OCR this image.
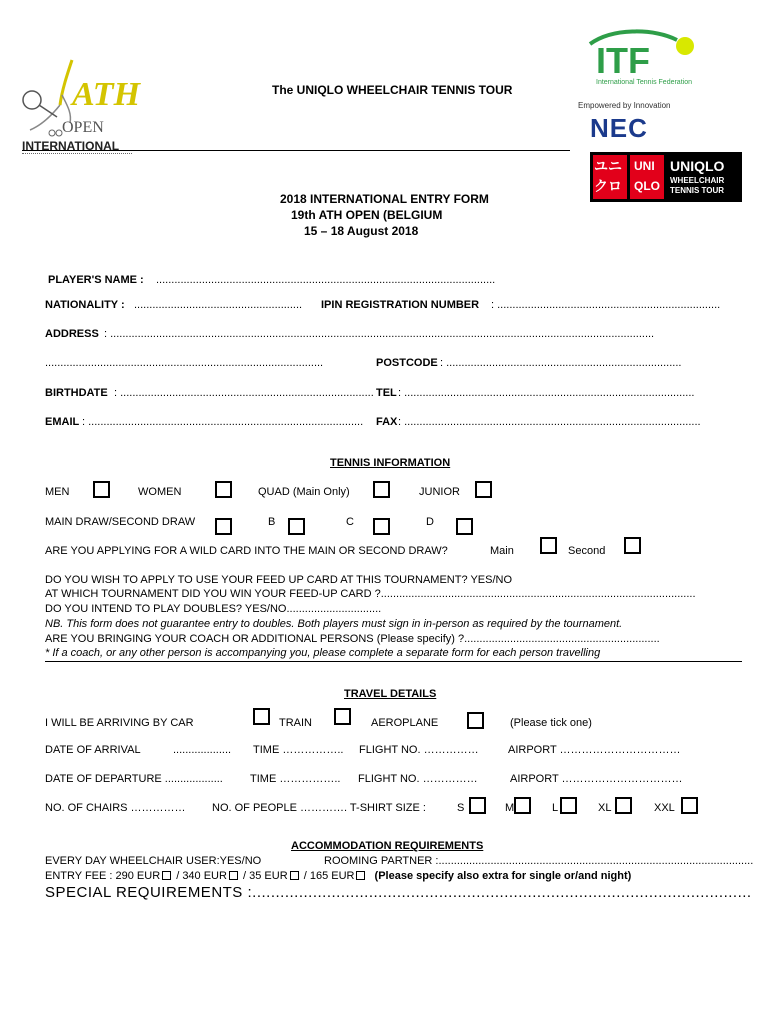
ATH
OPEN
INTERNATIONAL
ITF
International Tennis Federation
Empowered by Innovation
NEC
ユニ
クロ
UNI
QLO
UNIQLO
WHEELCHAIR
TENNIS TOUR
The UNIQLO WHEELCHAIR TENNIS TOUR
2018 INTERNATIONAL ENTRY FORM
19th ATH OPEN (BELGIUM
15 – 18 August 2018
PLAYER'S NAME : ...............................................................................................................
NATIONALITY : ....................................................... IPIN REGISTRATION NUMBER : .........................................................................
ADDRESS : ..................................................................................................................................................................................
...........................................................................................	POSTCODE : .............................................................................
BIRTHDATE : ................................................................................... TEL : ...............................................................................................
EMAIL : .......................................................................................... FAX : .................................................................................................
TENNIS INFORMATION
MEN	WOMEN	QUAD (Main Only)	JUNIOR
MAIN DRAW/SECOND DRAW	B	C	D
ARE YOU APPLYING FOR A WILD CARD INTO THE MAIN OR SECOND DRAW?	Main	Second
DO YOU WISH TO APPLY TO USE YOUR FEED UP CARD AT THIS TOURNAMENT? YES/NO
AT WHICH TOURNAMENT DID YOU WIN YOUR FEED-UP CARD ?.......................................................................................................
DO YOU INTEND TO PLAY DOUBLES? YES/NO...............................
NB. This form does not guarantee entry to doubles. Both players must sign in in-person as required by the tournament.
ARE YOU BRINGING YOUR COACH OR ADDITIONAL PERSONS (Please specify) ?................................................................
* If a coach, or any other person is accompanying you, please complete a separate form for each person travelling
TRAVEL DETAILS
I WILL BE ARRIVING BY CAR	TRAIN	AEROPLANE	(Please tick one)
DATE OF ARRIVAL	................... TIME …………….. FLIGHT NO. ……………	AIRPORT ……………………………
DATE OF DEPARTURE ................... TIME …………….. FLIGHT NO. ……………	AIRPORT ……………………………
NO. OF CHAIRS …………… NO. OF PEOPLE …………. T-SHIRT SIZE :	S	M	L	XL	XXL
ACCOMMODATION REQUIREMENTS
EVERY DAY WHEELCHAIR USER:YES/NO	ROOMING PARTNER :.......................................................................................................
ENTRY FEE : 290 EUR / 340 EUR / 35 EUR / 165 EUR (Please specify also extra for single or/and night)
SPECIAL REQUIREMENTS :...........................................................................................................
